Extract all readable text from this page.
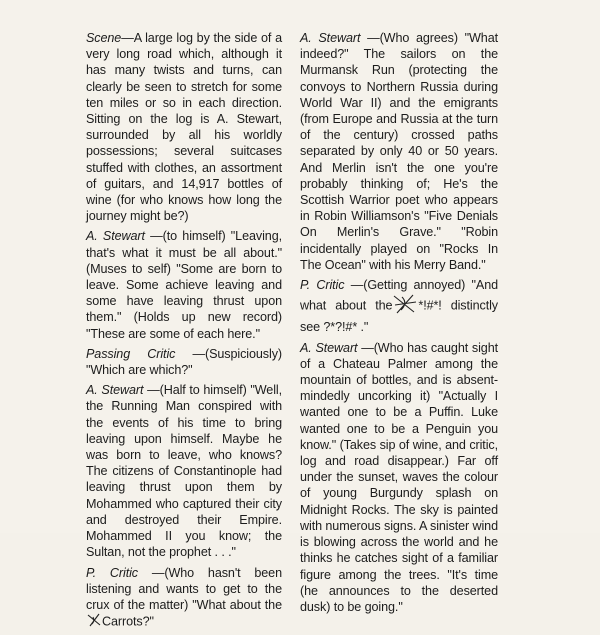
Scene—A large log by the side of a very long road which, although it has many twists and turns, can clearly be seen to stretch for some ten miles or so in each direction. Sitting on the log is A. Stewart, surrounded by all his worldly possessions; several suitcases stuffed with clothes, an assortment of guitars, and 14,917 bottles of wine (for who knows how long the journey might be?)

A. Stewart —(to himself) "Leaving, that's what it must be all about." (Muses to self) "Some are born to leave. Some achieve leaving and some have leaving thrust upon them." (Holds up new record) "These are some of each here."

Passing Critic —(Suspiciously) "Which are which?"

A. Stewart —(Half to himself) "Well, the Running Man conspired with the events of his time to bring leaving upon himself. Maybe he was born to leave, who knows? The citizens of Constantinople had leaving thrust upon them by Mohammed who captured their city and destroyed their Empire. Mohammed II you know; the Sultan, not the prophet . . ."

P. Critic —(Who hasn't been listening and wants to get to the crux of the matter) "What about theCarrots?"

A. Stewart —(Who agrees) "What indeed?" The sailors on the Murmansk Run (protecting the convoys to Northern Russia during World War II) and the emigrants (from Europe and Russia at the turn of the century) crossed paths separated by only 40 or 50 years. And Merlin isn't the one you're probably thinking of; He's the Scottish Warrior poet who appears in Robin Williamson's "Five Denials On Merlin's Grave." "Robin incidentally played on "Rocks In The Ocean" with his Merry Band."

P. Critic —(Getting annoyed) "And what about the *!#*! distinctly see ?*?!#* ."

A. Stewart —(Who has caught sight of a Chateau Palmer among the mountain of bottles, and is absent-mindedly uncorking it) "Actually I wanted one to be a Puffin. Luke wanted one to be a Penguin you know." (Takes sip of wine, and critic, log and road disappear.) Far off under the sunset, waves the colour of young Burgundy splash on Midnight Rocks. The sky is painted with numerous signs. A sinister wind is blowing across the world and he thinks he catches sight of a familiar figure among the trees. "It's time (he announces to the deserted dusk) to be going."
